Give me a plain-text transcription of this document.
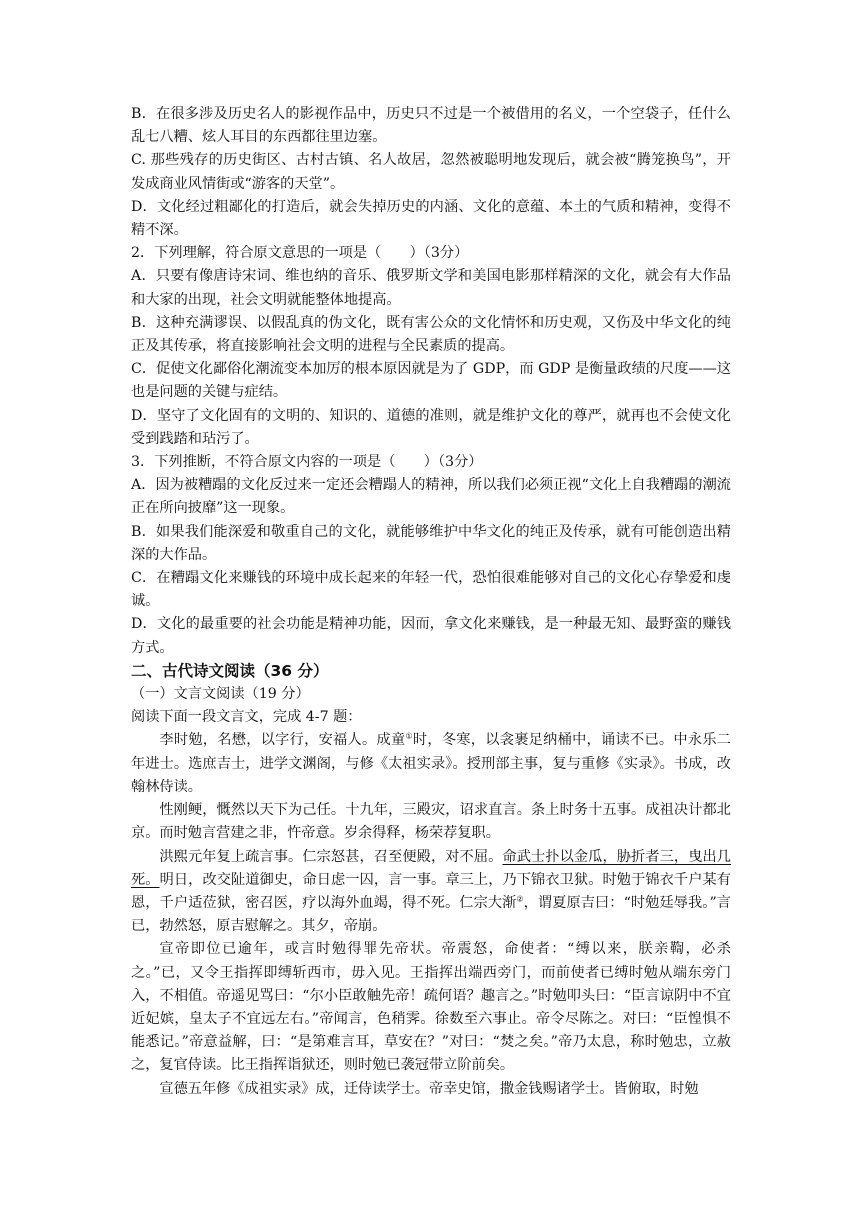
B．在很多涉及历史名人的影视作品中，历史只不过是一个被借用的名义，一个空袋子，任什么乱七八糟、炫人耳目的东西都往里边塞。

C. 那些残存的历史街区、古村古镇、名人故居，忽然被聪明地发现后，就会被“腾笼换鸟”，开发成商业风情街或“游客的天堂”。

D．文化经过粗鄙化的打造后，就会失掉历史的内涵、文化的意蕴、本土的气质和精神，变得不精不深。

2．下列理解，符合原文意思的一项是（　　）（3分）

A．只要有像唐诗宋词、维也纳的音乐、俄罗斯文学和美国电影那样精深的文化，就会有大作品和大家的出现，社会文明就能整体地提高。

B．这种充满谬误、以假乱真的伪文化，既有害公众的文化情怀和历史观，又伤及中华文化的纯正及其传承，将直接影响社会文明的进程与全民素质的提高。

C．促使文化鄙俗化潮流变本加厉的根本原因就是为了 GDP，而 GDP 是衡量政绩的尺度——这也是问题的关键与症结。

D．坚守了文化固有的文明的、知识的、道德的准则，就是维护文化的尊严，就再也不会使文化受到践踏和玷污了。

3．下列推断，不符合原文内容的一项是（　　）（3分）

A．因为被糟蹋的文化反过来一定还会糟蹋人的精神，所以我们必须正视“文化上自我糟蹋的潮流正在所向披靡”这一现象。

B．如果我们能深爱和敬重自己的文化，就能够维护中华文化的纯正及传承，就有可能创造出精深的大作品。

C．在糟蹋文化来赚钱的环境中成长起来的年轻一代，恐怕很难能够对自己的文化心存挚爱和虔诚。

D．文化的最重要的社会功能是精神功能，因而，拿文化来赚钱，是一种最无知、最野蛮的赚钱方式。

二、古代诗文阅读（36 分）

（一）文言文阅读（19 分）

阅读下面一段文言文，完成 4-7 题：

李时勉，名懋，以字行，安福人。成童①时，冬寒，以衾裹足纳桶中，诵读不已。中永乐二年进士。选庶吉士，进学文渊阁，与修《太祖实录》。授刑部主事，复与重修《实录》。书成，改翰林侍读。

性刚鲠，慨然以天下为己任。十九年，三殿灾，诏求直言。条上时务十五事。成祖决计都北京。而时勉言营建之非，忤帝意。岁余得释，杨荣荐复职。

洪熙元年复上疏言事。仁宗怒甚，召至便殿，对不屈。命武士扑以金瓜，胁折者三，曳出几死。明日，改交阯道御史，命日虑一囚，言一事。章三上，乃下锦衣卫狱。时勉于锦衣千户某有恩，千户适莅狱，密召医，疗以海外血竭，得不死。仁宗大渐②，谓夏原吉曰：“时勉廷辱我。”言已，勃然怒，原吉慰解之。其夕，帝崩。

宣帝即位已逾年，或言时勉得罪先帝状。帝震怒，命使者：“缚以来，朕亲鞫，必杀之。”已，又令王指挥即缚斩西市，毋入见。王指挥出端西旁门，而前使者已缚时勉从端东旁门入，不相值。帝遥见骂曰：“尔小臣敢触先帝！疏何语？趣言之。”时勉叩头曰：“臣言谅阴中不宜近妃嫔，皇太子不宜远左右。”帝闻言，色稍霁。徐数至六事止。帝令尽陈之。对曰：“臣惶惧不能悉记。”帝意益解，曰：“是第难言耳，草安在？”对曰：“焚之矣。”帝乃太息，称时勉忠，立赦之，复官侍读。比王指挥诣狱还，则时勉已袭冠带立阶前矣。

宣德五年修《成祖实录》成，迁侍读学士。帝幸史馆，撒金钱赐诸学士。皆俯取，时勉
